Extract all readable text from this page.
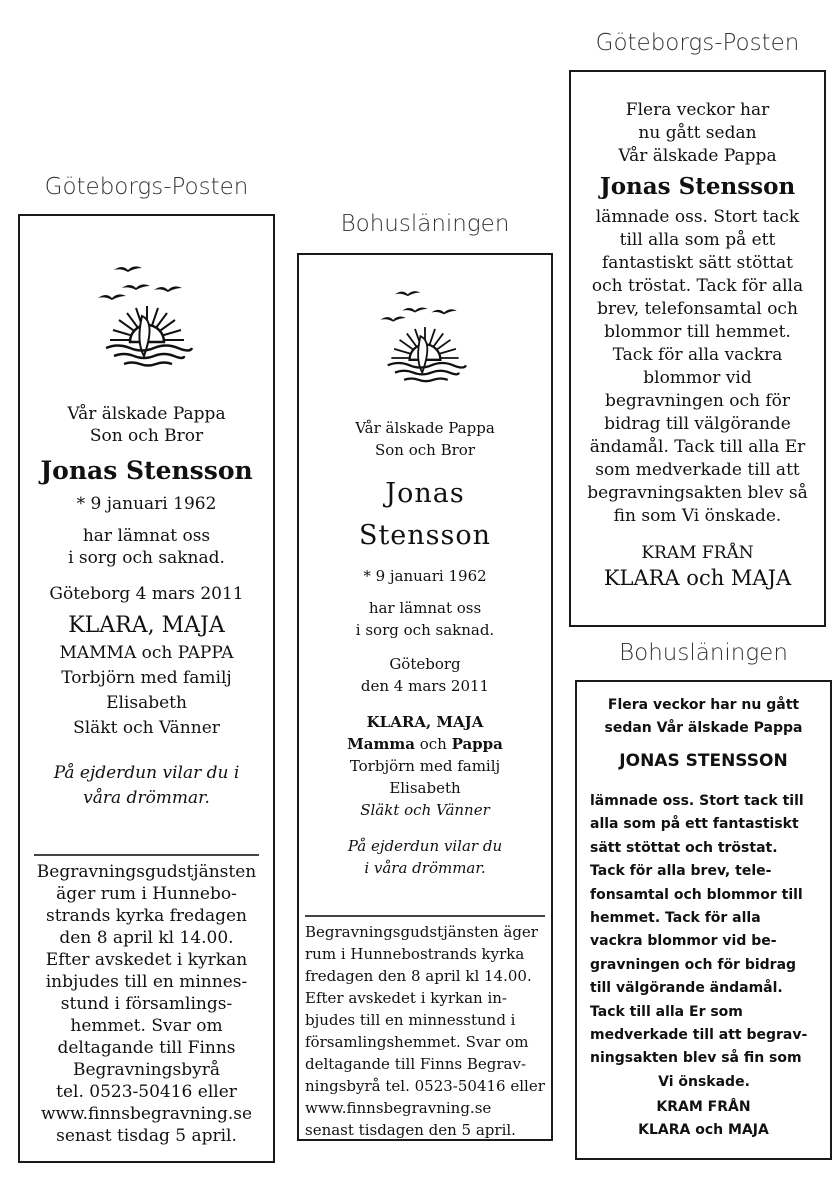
Göteborgs-Posten
Bohusläningen
Göteborgs-Posten
Bohusläningen
Vår älskade Pappa
Son och Bror
Jonas Stensson
* 9 januari 1962
har lämnat oss
i sorg och saknad.
Göteborg 4 mars 2011
KLARA, MAJA
MAMMA och PAPPA
Torbjörn med familj
Elisabeth
Släkt och Vänner
På ejderdun vilar du i
våra drömmar.
Begravningsgudstjänsten
äger rum i Hunnebo-
strands kyrka fredagen
den 8 april kl 14.00.
Efter avskedet i kyrkan
inbjudes till en minnes-
stund i församlings-
hemmet. Svar om
deltagande till Finns
Begravningsbyrå
tel. 0523-50416 eller
www.finnsbegravning.se
senast tisdag 5 april.
Vår älskade Pappa
Son och Bror
Jonas
Stensson
* 9 januari 1962
har lämnat oss
i sorg och saknad.
Göteborg
den 4 mars 2011
KLARA, MAJA
Mamma och Pappa
Torbjörn med familj
Elisabeth
Släkt och Vänner
På ejderdun vilar du
i våra drömmar.
Begravningsgudstjänsten äger
rum i Hunnebostrands kyrka
fredagen den 8 april kl 14.00.
Efter avskedet i kyrkan in-
bjudes till en minnesstund i
församlingshemmet. Svar om
deltagande till Finns Begrav-
ningsbyrå tel. 0523-50416 eller
www.finnsbegravning.se
senast tisdagen den 5 april.
Flera veckor har
nu gått sedan
Vår älskade Pappa
Jonas Stensson
lämnade oss. Stort tack
till alla som på ett
fantastiskt sätt stöttat
och tröstat. Tack för alla
brev, telefonsamtal och
blommor till hemmet.
Tack för alla vackra
blommor vid
begravningen och för
bidrag till välgörande
ändamål. Tack till alla Er
som medverkade till att
begravningsakten blev så
fin som Vi önskade.
KRAM FRÅN
KLARA och MAJA
Flera veckor har nu gått
sedan Vår älskade Pappa
JONAS STENSSON
lämnade oss. Stort tack till
alla som på ett fantastiskt
sätt stöttat och tröstat.
Tack för alla brev, tele-
fonsamtal och blommor till
hemmet. Tack för alla
vackra blommor vid be-
gravningen och för bidrag
till välgörande ändamål.
Tack till alla Er som
medverkade till att begrav-
ningsakten blev så fin som
Vi önskade.
KRAM FRÅN
KLARA och MAJA
